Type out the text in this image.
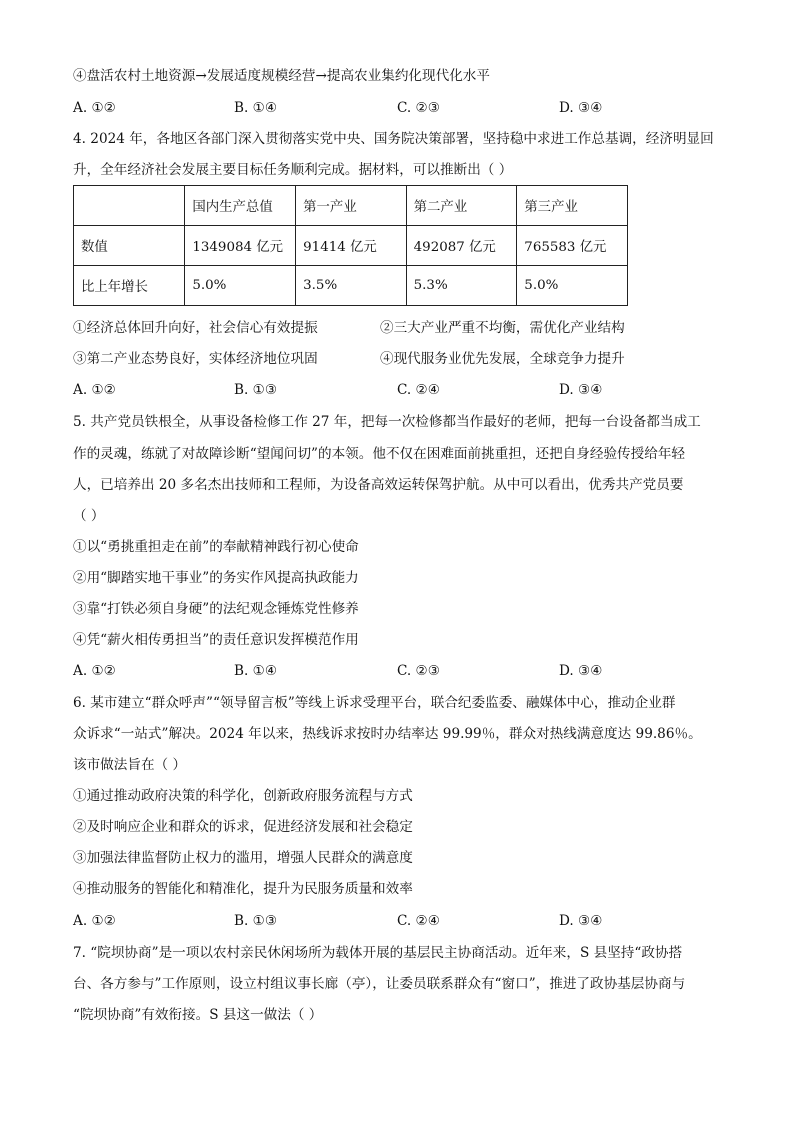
④盘活农村土地资源→发展适度规模经营→提高农业集约化现代化水平
A. ①②	B. ①④	C. ②③	D. ③④
4. 2024 年，各地区各部门深入贯彻落实党中央、国务院决策部署，坚持稳中求进工作总基调，经济明显回
升，全年经济社会发展主要目标任务顺利完成。据材料，可以推断出（ ）
	国内生产总值	第一产业	第二产业	第三产业
数值	1349084 亿元	91414 亿元	492087 亿元	765583 亿元
比上年增长	5.0%	3.5%	5.3%	5.0%
①经济总体回升向好，社会信心有效提振	②三大产业严重不均衡，需优化产业结构
③第二产业态势良好，实体经济地位巩固	④现代服务业优先发展，全球竞争力提升
A. ①②	B. ①③	C. ②④	D. ③④
5. 共产党员铁根全，从事设备检修工作 27 年，把每一次检修都当作最好的老师，把每一台设备都当成工
作的灵魂，练就了对故障诊断“望闻问切”的本领。他不仅在困难面前挑重担，还把自身经验传授给年轻
人，已培养出 20 多名杰出技师和工程师，为设备高效运转保驾护航。从中可以看出，优秀共产党员要
（ ）
①以“勇挑重担走在前”的奉献精神践行初心使命
②用“脚踏实地干事业”的务实作风提高执政能力
③靠“打铁必须自身硬”的法纪观念锤炼党性修养
④凭“薪火相传勇担当”的责任意识发挥模范作用
A. ①②	B. ①④	C. ②③	D. ③④
6. 某市建立“群众呼声”“领导留言板”等线上诉求受理平台，联合纪委监委、融媒体中心，推动企业群
众诉求“一站式”解决。2024 年以来，热线诉求按时办结率达 99.99％，群众对热线满意度达 99.86％。
该市做法旨在（ ）
①通过推动政府决策的科学化，创新政府服务流程与方式
②及时响应企业和群众的诉求，促进经济发展和社会稳定
③加强法律监督防止权力的滥用，增强人民群众的满意度
④推动服务的智能化和精准化，提升为民服务质量和效率
A. ①②	B. ①③	C. ②④	D. ③④
7. “院坝协商”是一项以农村亲民休闲场所为载体开展的基层民主协商活动。近年来，S 县坚持“政协搭
台、各方参与”工作原则，设立村组议事长廊（亭），让委员联系群众有“窗口”，推进了政协基层协商与
“院坝协商”有效衔接。S 县这一做法（ ）
